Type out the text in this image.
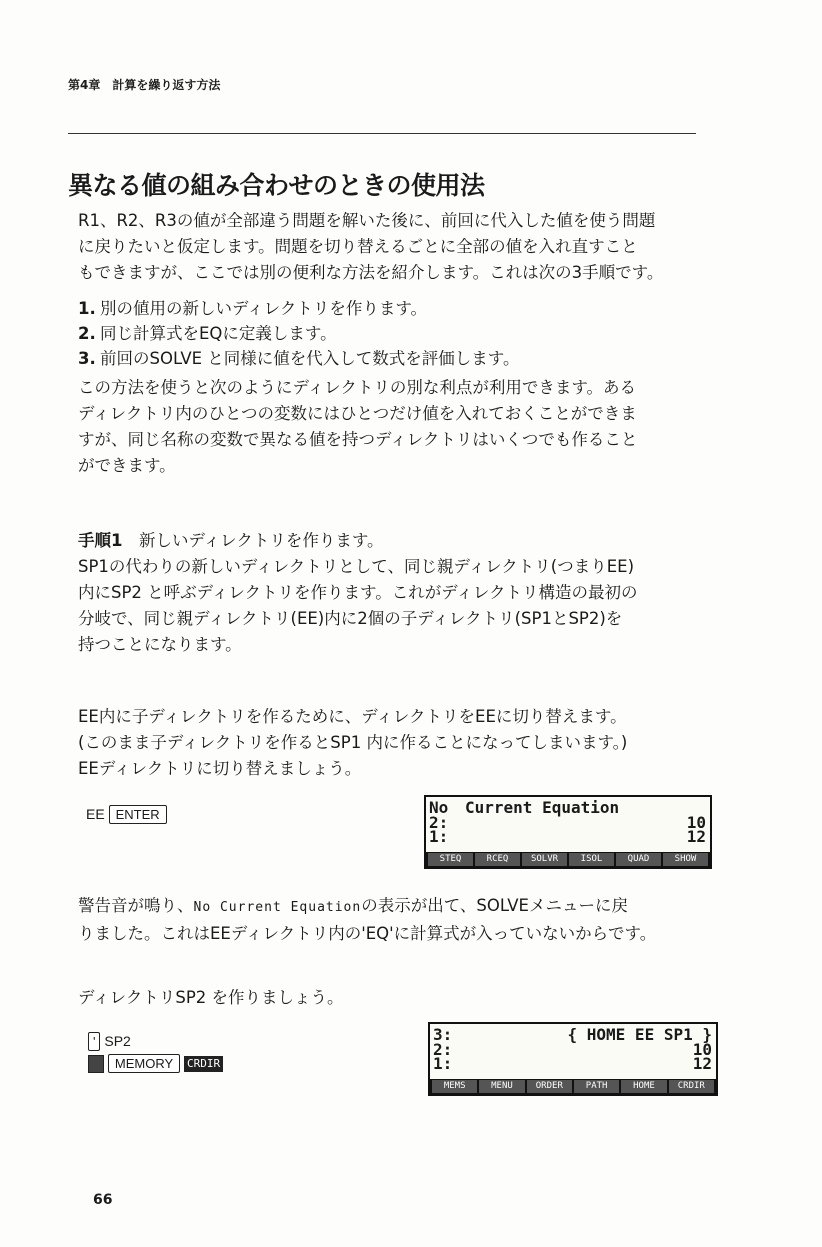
第4章　計算を繰り返す方法
異なる値の組み合わせのときの使用法
R1、R2、R3の値が全部違う問題を解いた後に、前回に代入した値を使う問題
に戻りたいと仮定します。問題を切り替えるごとに全部の値を入れ直すこと
もできますが、ここでは別の便利な方法を紹介します。これは次の3手順です。
1. 別の値用の新しいディレクトリを作ります。
2. 同じ計算式をEQに定義します。
3. 前回のSOLVE と同様に値を代入して数式を評価します。
この方法を使うと次のようにディレクトリの別な利点が利用できます。ある
ディレクトリ内のひとつの変数にはひとつだけ値を入れておくことができま
すが、同じ名称の変数で異なる値を持つディレクトリはいくつでも作ること
ができます。
手順1　 新しいディレクトリを作ります。
SP1の代わりの新しいディレクトリとして、同じ親ディレクトリ(つまりEE)
内にSP2 と呼ぶディレクトリを作ります。これがディレクトリ構造の最初の
分岐で、同じ親ディレクトリ(EE)内に2個の子ディレクトリ(SP1とSP2)を
持つことになります。
EE内に子ディレクトリを作るために、ディレクトリをEEに切り替えます。
(このまま子ディレクトリを作るとSP1 内に作ることになってしまいます。)
EEディレクトリに切り替えましょう。
EE ENTER	No Current Equation
2:	10
1:	12
STEQ	RCEQ	SOLVR	ISOL	QUAD	SHOW
警告音が鳴り、No Current Equationの表示が出て、SOLVEメニューに戻
りました。これはEEディレクトリ内の'EQ'に計算式が入っていないからです。
ディレクトリSP2 を作りましょう。
' SP2
MEMORY CRDIR
3:	{ HOME EE SP1 }
2:	10
1:	12
MEMS	MENU	ORDER	PATH	HOME	CRDIR
66
